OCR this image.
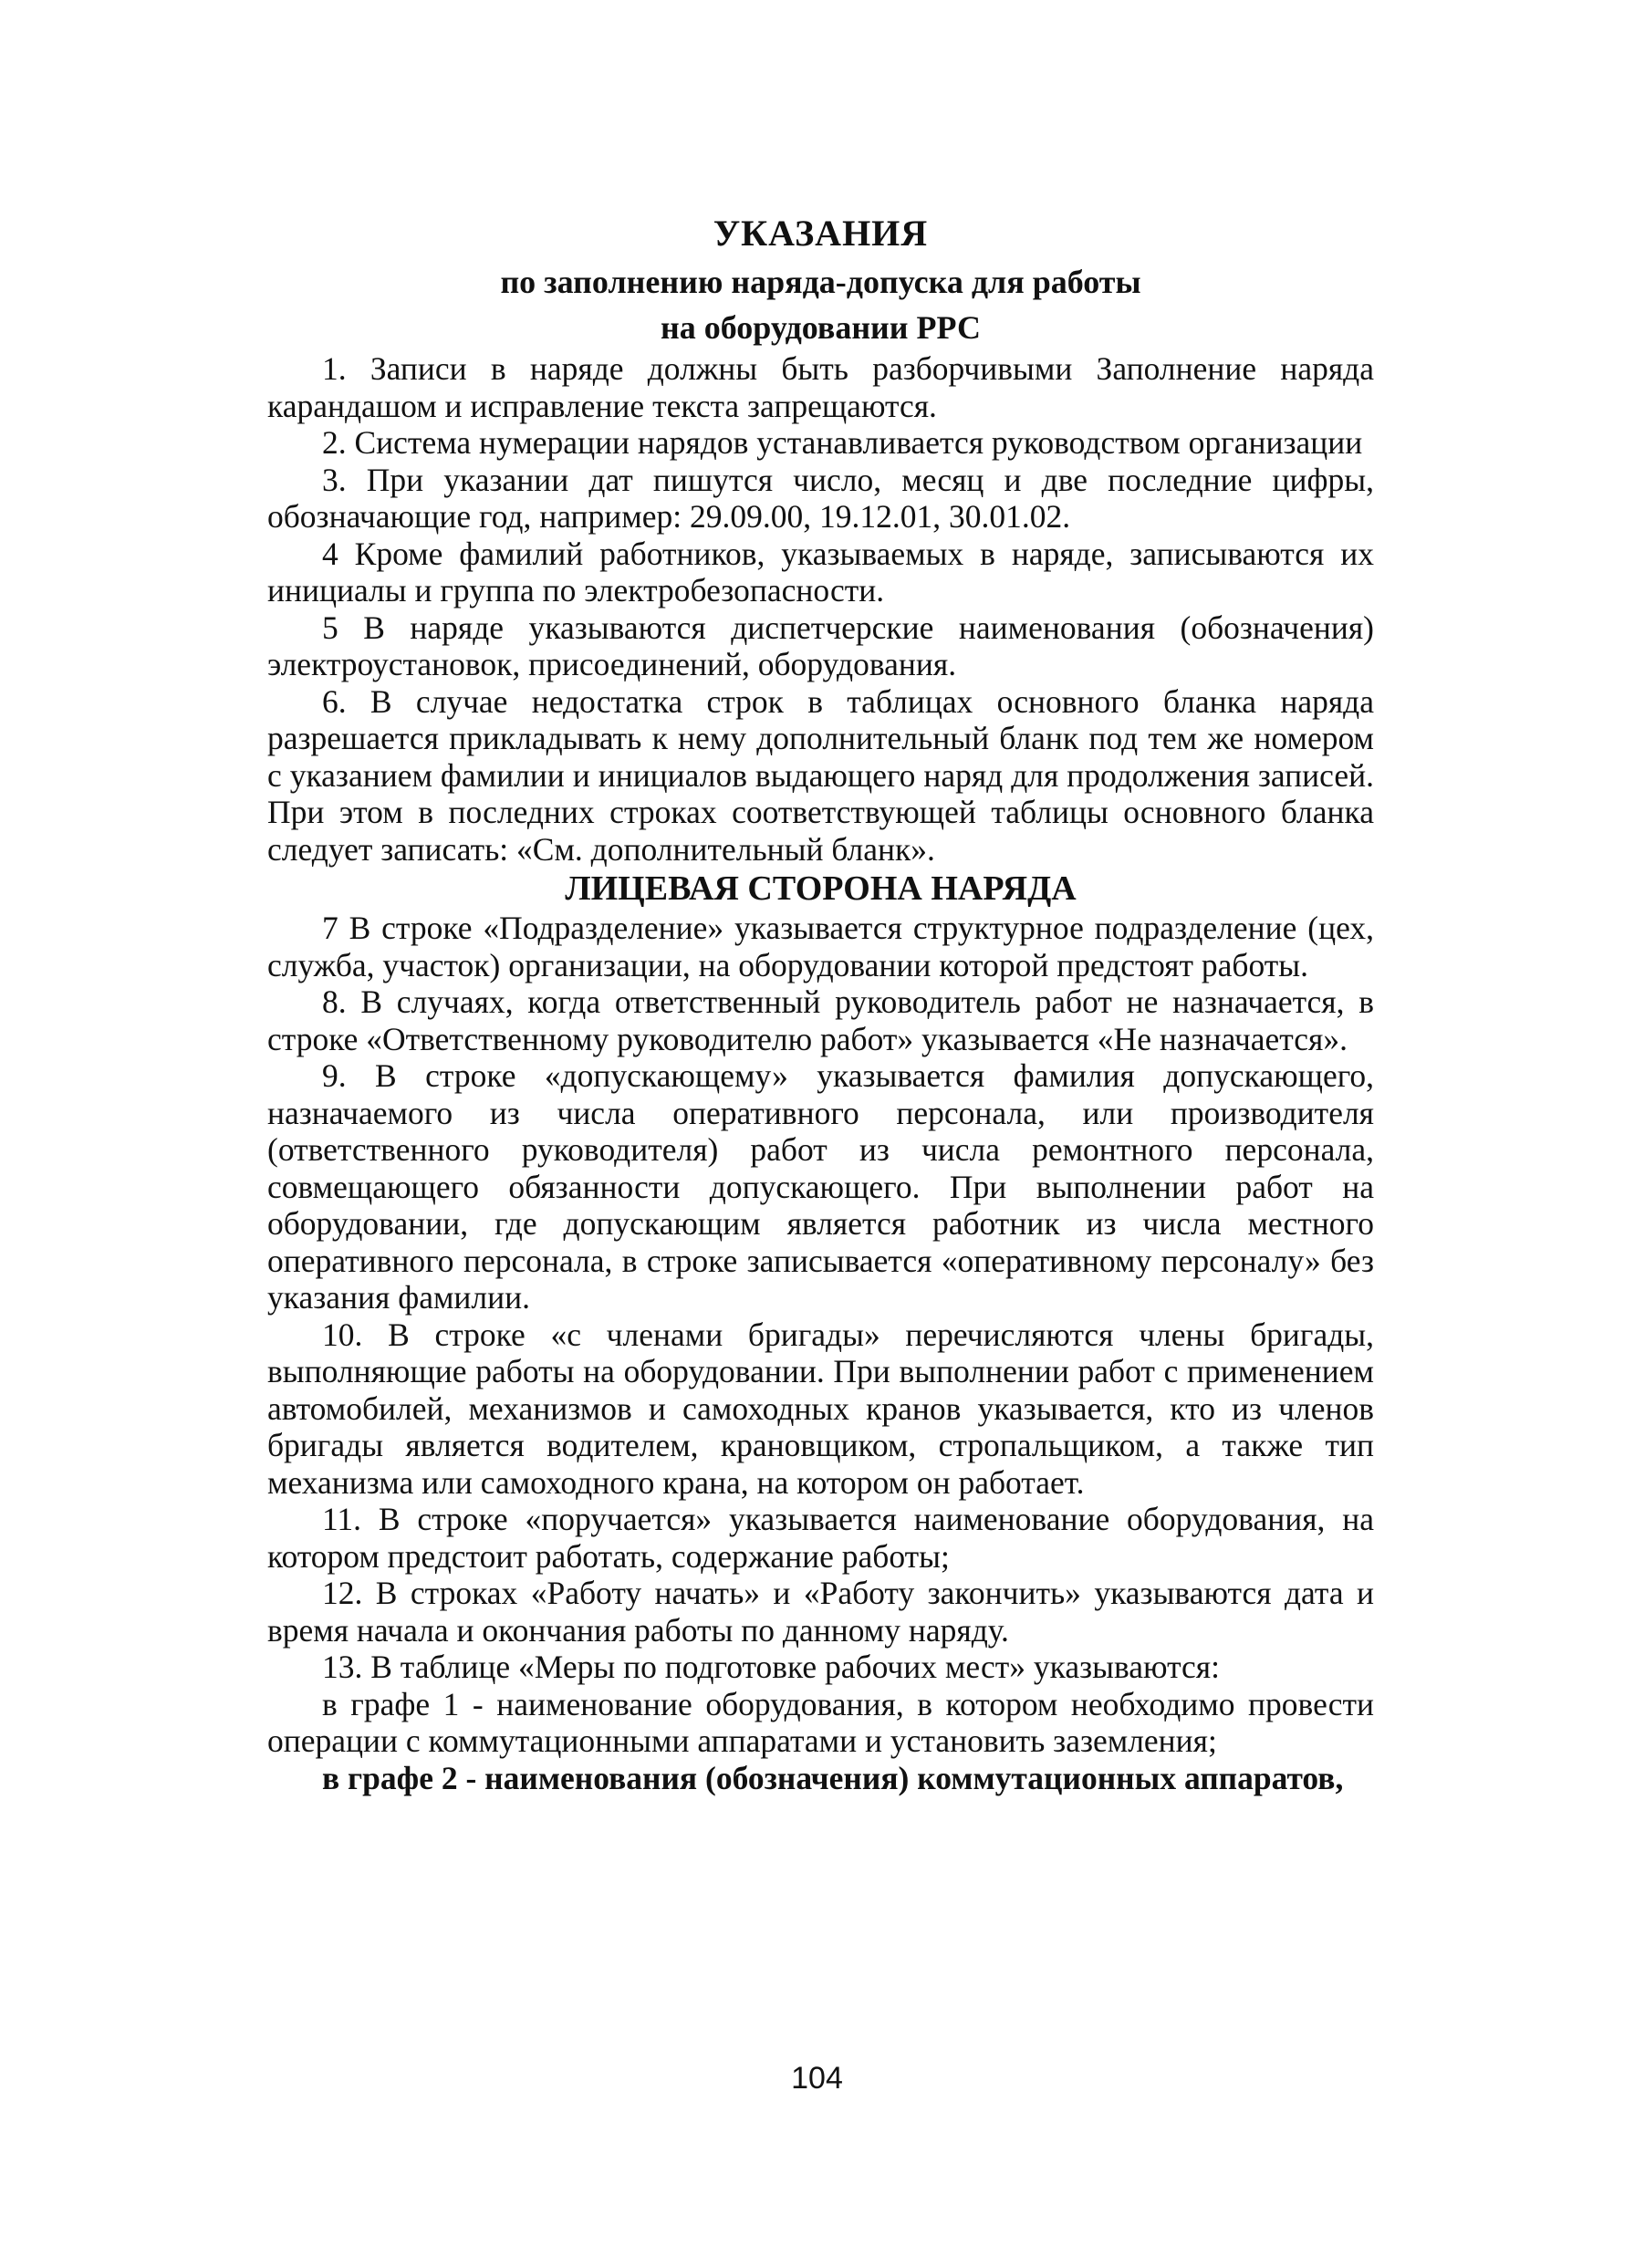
УКАЗАНИЯ

по заполнению наряда-допуска для работы

на оборудовании РРС

1. Записи в наряде должны быть разборчивыми Заполнение наряда карандашом и исправление текста запрещаются.

2. Система нумерации нарядов устанавливается руководством организации

3. При указании дат пишутся число, месяц и две последние цифры, обозначающие год, например: 29.09.00, 19.12.01, 30.01.02.

4 Кроме фамилий работников, указываемых в наряде, записываются их инициалы и группа по электробезопасности.

5 В наряде указываются диспетчерские наименования (обозначения) электроустановок, присоединений, оборудования.

6. В случае недостатка строк в таблицах основного бланка наряда разрешается прикладывать к нему дополнительный бланк под тем же номером с указанием фамилии и инициалов выдающего наряд для продолжения записей. При этом в последних строках соответствующей таблицы основного бланка следует записать: «См. дополнительный бланк».

ЛИЦЕВАЯ СТОРОНА НАРЯДА

7 В строке «Подразделение» указывается структурное подразделение (цех, служба, участок) организации, на оборудовании которой предстоят работы.

8. В случаях, когда ответственный руководитель работ не назначается, в строке «Ответственному руководителю работ» указывается «Не назначается».

9. В строке «допускающему» указывается фамилия допускающего, назначаемого из числа оперативного персонала, или производителя (ответственного руководителя) работ из числа ремонтного персонала, совмещающего обязанности допускающего. При выполнении работ на оборудовании, где допускающим является работник из числа местного оперативного персонала, в строке записывается «оперативному персоналу» без указания фамилии.

10. В строке «с членами бригады» перечисляются члены бригады, выполняющие работы на оборудовании. При выполнении работ с применением автомобилей, механизмов и самоходных кранов указывается, кто из членов бригады является водителем, крановщиком, стропальщиком, а также тип механизма или самоходного крана, на котором он работает.

11. В строке «поручается» указывается наименование оборудования, на котором предстоит работать, содержание работы;

12. В строках «Работу начать» и «Работу закончить» указываются дата и время начала и окончания работы по данному наряду.

13. В таблице «Меры по подготовке рабочих мест» указываются:

в графе 1 - наименование оборудования, в котором необходимо провести операции с коммутационными аппаратами и установить заземления;

в графе 2 - наименования (обозначения) коммутационных аппаратов,

104
